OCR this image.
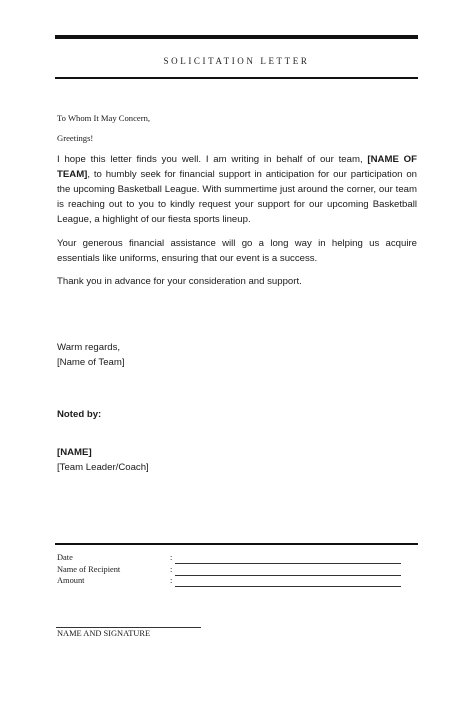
SOLICITATION LETTER
To Whom It May Concern,
Greetings!
I hope this letter finds you well. I am writing in behalf of our team, [NAME OF TEAM], to humbly seek for financial support in anticipation for our participation on the upcoming Basketball League. With summertime just around the corner, our team is reaching out to you to kindly request your support for our upcoming Basketball League, a highlight of our fiesta sports lineup.
Your generous financial assistance will go a long way in helping us acquire essentials like uniforms, ensuring that our event is a success.
Thank you in advance for your consideration and support.
Warm regards,
[Name of Team]
Noted by:
[NAME]
[Team Leader/Coach]
Date	:
Name of Recipient	:
Amount	:
NAME AND SIGNATURE
